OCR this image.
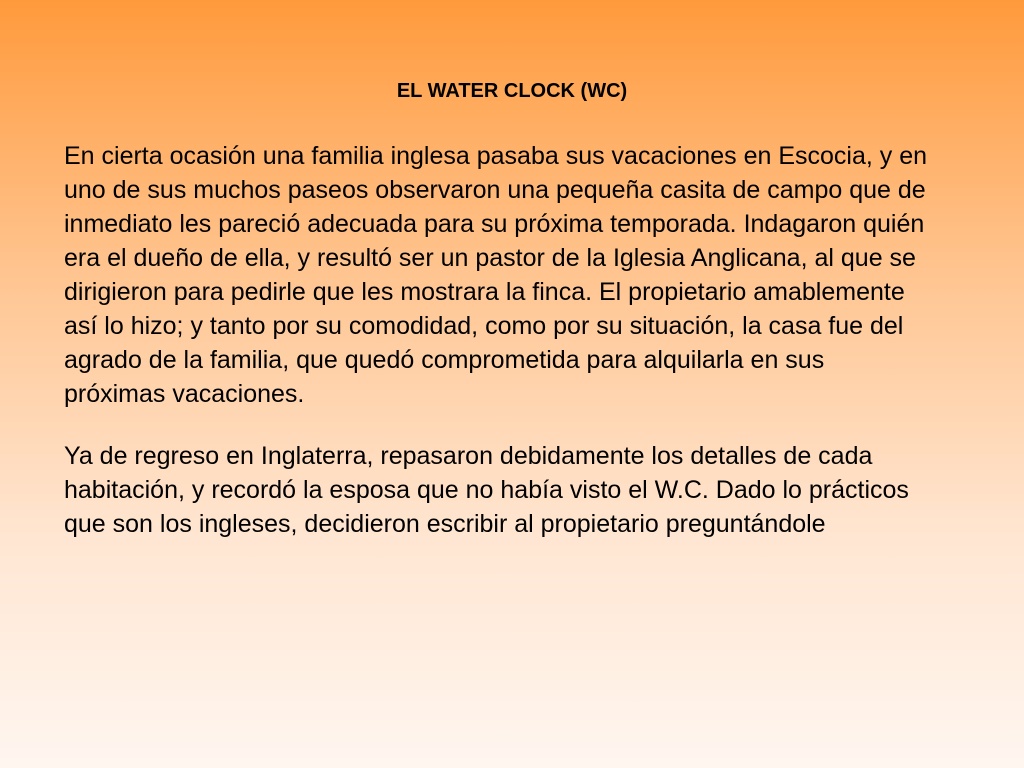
EL WATER CLOCK (WC)

En cierta ocasión una familia inglesa pasaba sus vacaciones en Escocia, y en

uno de sus muchos paseos observaron una pequeña casita de campo que de

inmediato les pareció adecuada para su próxima temporada. Indagaron quién

era el dueño de ella, y resultó ser un pastor de la Iglesia Anglicana, al que se

dirigieron para pedirle que les mostrara la finca. El propietario amablemente

así lo hizo; y tanto por su comodidad, como por su situación, la casa fue del

agrado de la familia, que quedó comprometida para alquilarla en sus

próximas vacaciones.

Ya de regreso en Inglaterra, repasaron debidamente los detalles de cada

habitación, y recordó la esposa que no había visto el W.C. Dado lo prácticos

que son los ingleses, decidieron escribir al propietario preguntándole
